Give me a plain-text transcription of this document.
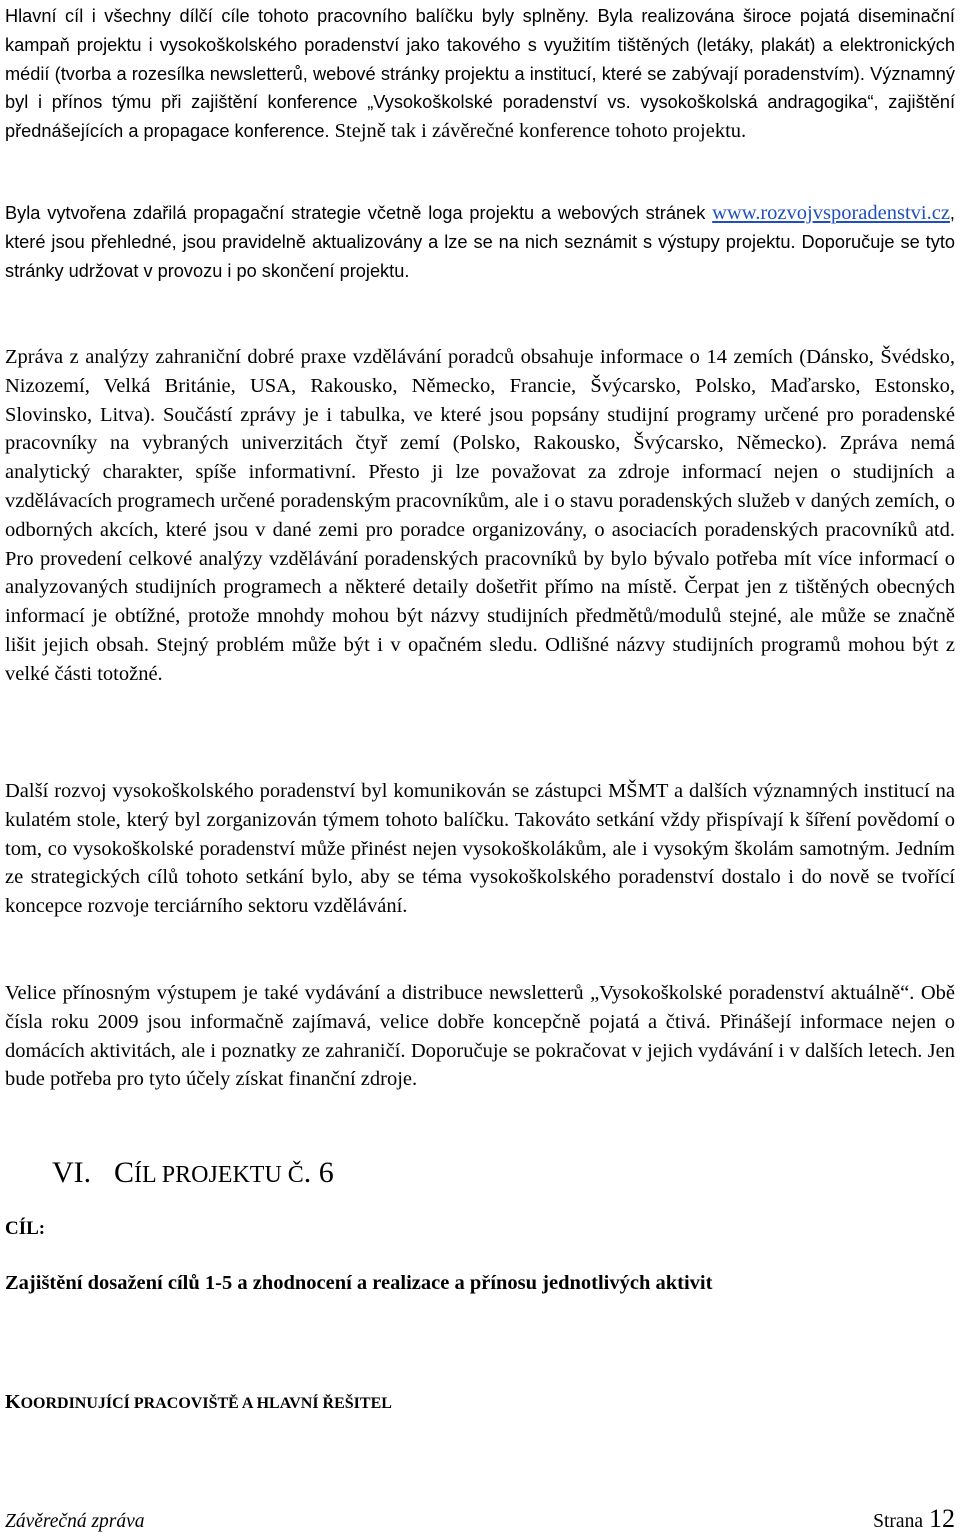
Hlavní cíl i všechny dílčí cíle tohoto pracovního balíčku byly splněny. Byla realizována široce pojatá diseminační kampaň projektu i vysokoškolského poradenství jako takového s využitím tištěných (letáky, plakát) a elektronických médií (tvorba a rozesílka newsletterů, webové stránky projektu a institucí, které se zabývají poradenstvím). Významný byl i přínos týmu při zajištění konference „Vysokoškolské poradenství vs. vysokoškolská andragogika“, zajištění přednášejících a propagace konference. Stejně tak i závěrečné konference tohoto projektu.

Byla vytvořena zdařilá propagační strategie včetně loga projektu a webových stránek www.rozvojvsporadenstvi.cz, které jsou přehledné, jsou pravidelně aktualizovány a lze se na nich seznámit s výstupy projektu. Doporučuje se tyto stránky udržovat v provozu i po skončení projektu.

Zpráva z analýzy zahraniční dobré praxe vzdělávání poradců obsahuje informace o 14 zemích (Dánsko, Švédsko, Nizozemí, Velká Británie, USA, Rakousko, Německo, Francie, Švýcarsko, Polsko, Maďarsko, Estonsko, Slovinsko, Litva). Součástí zprávy je i tabulka, ve které jsou popsány studijní programy určené pro poradenské pracovníky na vybraných univerzitách čtyř zemí (Polsko, Rakousko, Švýcarsko, Německo). Zpráva nemá analytický charakter, spíše informativní. Přesto ji lze považovat za zdroje informací nejen o studijních a vzdělávacích programech určené poradenským pracovníkům, ale i o stavu poradenských služeb v daných zemích, o odborných akcích, které jsou v dané zemi pro poradce organizovány, o asociacích poradenských pracovníků atd. Pro provedení celkové analýzy vzdělávání poradenských pracovníků by bylo bývalo potřeba mít více informací o analyzovaných studijních programech a některé detaily došetřit přímo na místě. Čerpat jen z tištěných obecných informací je obtížné, protože mnohdy mohou být názvy studijních předmětů/modulů stejné, ale může se značně lišit jejich obsah. Stejný problém může být i v opačném sledu. Odlišné názvy studijních programů mohou být z velké části totožné.

Další rozvoj vysokoškolského poradenství byl komunikován se zástupci MŠMT a dalších významných institucí na kulatém stole, který byl zorganizován týmem tohoto balíčku. Takováto setkání vždy přispívají k šíření povědomí o tom, co vysokoškolské poradenství může přinést nejen vysokoškolákům, ale i vysokým školám samotným. Jedním ze strategických cílů tohoto setkání bylo, aby se téma vysokoškolského poradenství dostalo i do nově se tvořící koncepce rozvoje terciárního sektoru vzdělávání.

Velice přínosným výstupem je také vydávání a distribuce newsletterů „Vysokoškolské poradenství aktuálně“. Obě čísla roku 2009 jsou informačně zajímavá, velice dobře koncepčně pojatá a čtivá. Přinášejí informace nejen o domácích aktivitách, ale i poznatky ze zahraničí. Doporučuje se pokračovat v jejich vydávání i v dalších letech. Jen bude potřeba pro tyto účely získat finanční zdroje.

VI. CÍL PROJEKTU Č. 6
CÍL:

Zajištění dosažení cílů 1-5 a zhodnocení a realizace a přínosu jednotlivých aktivit

KOORDINUJÍCÍ PRACOVIŠTĚ A HLAVNÍ ŘEŠITEL
Závěrečná zpráva	Strana 12
